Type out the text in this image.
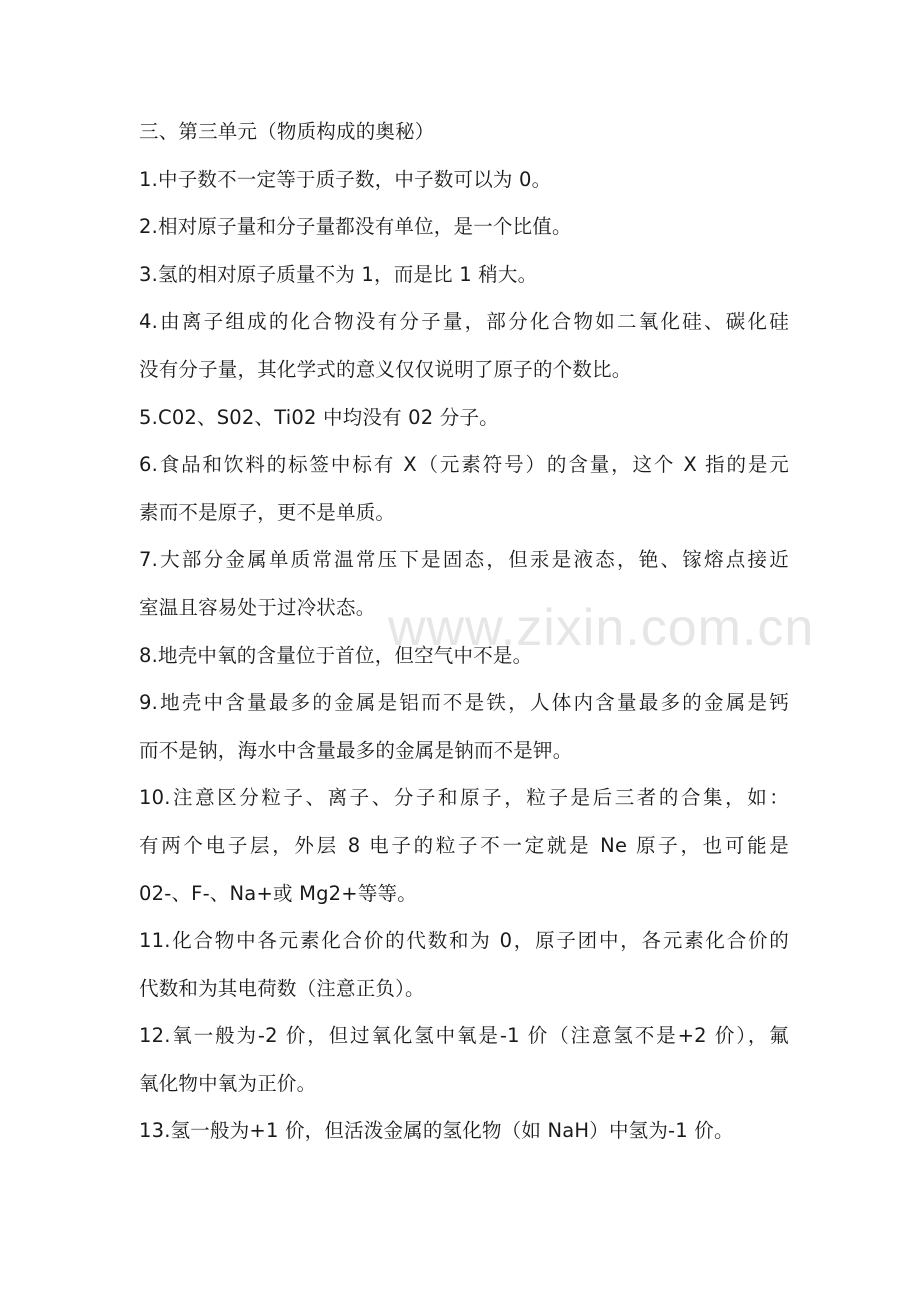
www.zixin.com.cn
三、第三单元（物质构成的奥秘）
1.中子数不一定等于质子数，中子数可以为 0。
2.相对原子量和分子量都没有单位，是一个比值。
3.氢的相对原子质量不为 1，而是比 1 稍大。
4.由离子组成的化合物没有分子量，部分化合物如二氧化硅、碳化硅
没有分子量，其化学式的意义仅仅说明了原子的个数比。
5.C02、S02、Ti02 中均没有 02 分子。
6.食品和饮料的标签中标有 X（元素符号）的含量，这个 X 指的是元
素而不是原子，更不是单质。
7.大部分金属单质常温常压下是固态，但汞是液态，铯、镓熔点接近
室温且容易处于过冷状态。
8.地壳中氧的含量位于首位，但空气中不是。
9.地壳中含量最多的金属是铝而不是铁，人体内含量最多的金属是钙
而不是钠，海水中含量最多的金属是钠而不是钾。
10.注意区分粒子、离子、分子和原子，粒子是后三者的合集，如：
有两个电子层，外层 8 电子的粒子不一定就是 Ne 原子，也可能是
02-、F-、Na+或 Mg2+等等。
11.化合物中各元素化合价的代数和为 0，原子团中，各元素化合价的
代数和为其电荷数（注意正负）。
12.氧一般为-2 价，但过氧化氢中氧是-1 价（注意氢不是+2 价），氟
氧化物中氧为正价。
13.氢一般为+1 价，但活泼金属的氢化物（如 NaH）中氢为-1 价。
